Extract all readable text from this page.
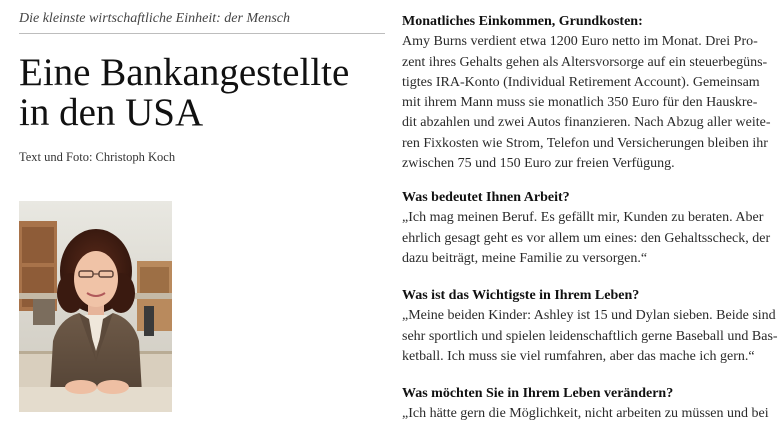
Die kleinste wirtschaftliche Einheit: der Mensch
Eine Bankangestellte
in den USA
Text und Foto: Christoph Koch
Monatliches Einkommen, Grundkosten:
Amy Burns verdient etwa 1200 Euro netto im Monat. Drei Pro-
zent ihres Gehalts gehen als Altersvorsorge auf ein steuerbegüns-
tigtes IRA-Konto (Individual Retirement Account). Gemeinsam
mit ihrem Mann muss sie monatlich 350 Euro für den Hauskre-
dit abzahlen und zwei Autos finanzieren. Nach Abzug aller weite-
ren Fixkosten wie Strom, Telefon und Versicherungen bleiben ihr
zwischen 75 und 150 Euro zur freien Verfügung.
Was bedeutet Ihnen Arbeit?
„Ich mag meinen Beruf. Es gefällt mir, Kunden zu beraten. Aber
ehrlich gesagt geht es vor allem um eines: den Gehaltsscheck, der
dazu beiträgt, meine Familie zu versorgen.“
Was ist das Wichtigste in Ihrem Leben?
„Meine beiden Kinder: Ashley ist 15 und Dylan sieben. Beide sind
sehr sportlich und spielen leidenschaftlich gerne Baseball und Bas-
ketball. Ich muss sie viel rumfahren, aber das mache ich gern.“
Was möchten Sie in Ihrem Leben verändern?
„Ich hätte gern die Möglichkeit, nicht arbeiten zu müssen und bei
